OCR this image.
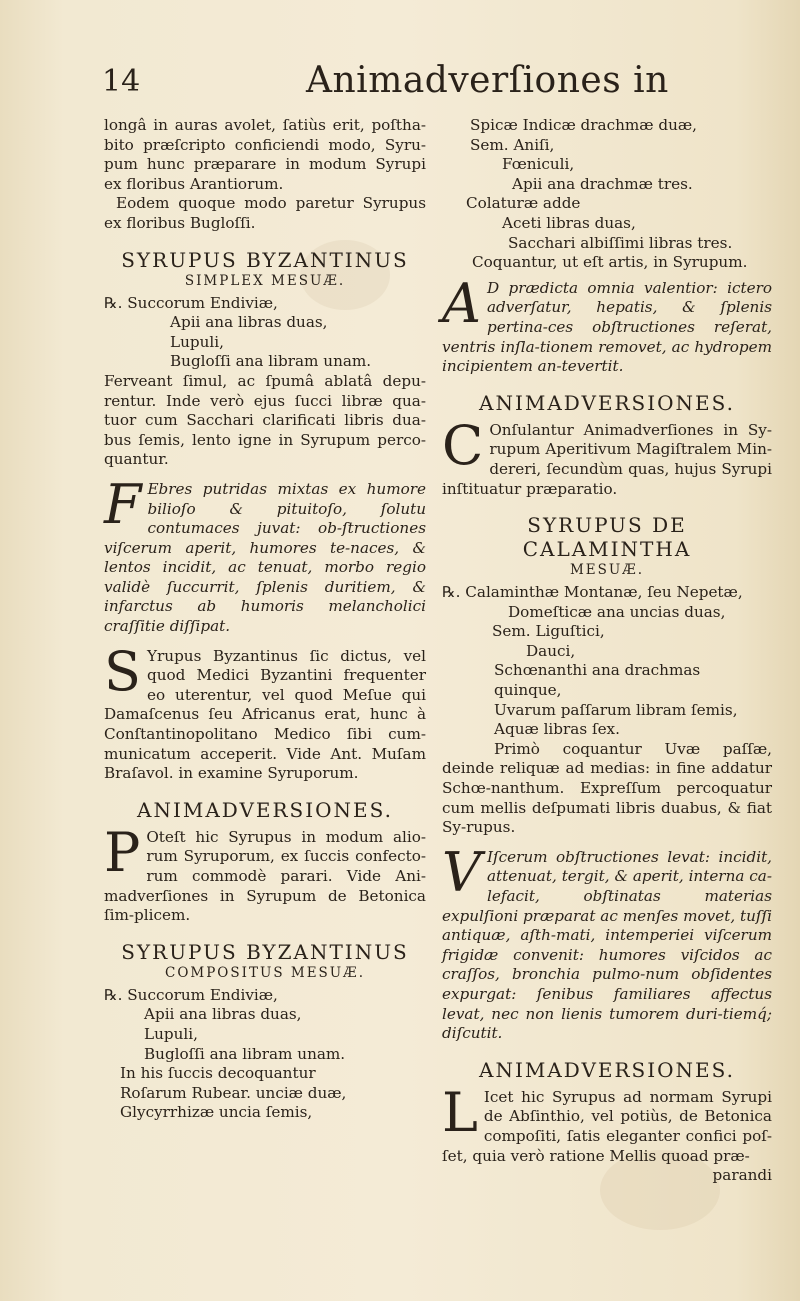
14	Animadverſiones in

longâ in auras avolet, ſatiùs erit, poſtha-bito præſcripto conficiendi modo, Syru-pum hunc præparare in modum Syrupi ex floribus Arantiorum.

Eodem quoque modo paretur Syrupus ex floribus Bugloſſi.

SYRUPUS BYZANTINUS
SIMPLEX MESUÆ.

℞. Succorum Endiviæ,

Apii ana libras duas,

Lupuli,

Bugloſſi ana libram unam.

Ferveant ſimul, ac ſpumâ ablatâ depu-rentur. Inde verò ejus ſucci libræ qua-tuor cum Sacchari clarificati libris dua-bus ſemis, lento igne in Syrupum perco-quantur.

F Ebres putridas mixtas ex humore bilioſo & pituitoſo, ſolutu contumaces juvat: ob-ſtructiones viſcerum aperit, humores te-naces, & lentos incidit, ac tenuat, morbo regio validè ſuccurrit, ſplenis duritiem, & infarctus ab humoris melancholici craſſitie diſſipat.
S Yrupus Byzantinus ſic dictus, vel quod Medici Byzantini frequenter eo uterentur, vel quod Meſue qui Damaſcenus ſeu Africanus erat, hunc à Conſtantinopolitano Medico ſibi cum-municatum acceperit. Vide Ant. Muſam Braſavol. in examine Syruporum.
ANIMADVERSIONES.
P Oteſt hic Syrupus in modum alio-rum Syruporum, ex ſuccis confecto-rum commodè parari. Vide Ani-madverſiones in Syrupum de Betonica ſim-plicem.
SYRUPUS BYZANTINUS
COMPOSITUS MESUÆ.

℞. Succorum Endiviæ,

Apii ana libras duas,

Lupuli,

Bugloſſi ana libram unam.

In his ſuccis decoquantur

Roſarum Rubear. unciæ duæ,

Glycyrrhizæ uncia ſemis,

Spicæ Indicæ drachmæ duæ,

Sem. Aniſi,

Fœniculi,

Apii ana drachmæ tres.

Colaturæ adde

Aceti libras duas,

Sacchari albiſſimi libras tres.

Coquantur, ut eſt artis, in Syrupum.

A D prædicta omnia valentior: ictero adverſatur, hepatis, & ſplenis pertina-ces obſtructiones reſerat, ventris inſla-tionem removet, ac hydropem incipientem an-tevertit.
ANIMADVERSIONES.
C Onſulantur Animadverſiones in Sy-rupum Aperitivum Magiſtralem Min-dereri, ſecundùm quas, hujus Syrupi inſtituatur præparatio.
SYRUPUS DE CALAMINTHA
MESUÆ.

℞. Calaminthæ Montanæ, ſeu Nepetæ,

Domeſticæ ana uncias duas,

Sem. Liguſtici,

Dauci,

Schœnanthi ana drachmas quinque,

Uvarum paſſarum libram ſemis,

Aquæ libras ſex.

Primò coquantur Uvæ paſſæ, deinde reliquæ ad medias: in fine addatur Schœ-nanthum. Expreſſum percoquatur cum mellis deſpumati libris duabus, & fiat Sy-rupus.

V Iſcerum obſtructiones levat: incidit, attenuat, tergit, & aperit, interna ca-lefacit, obſtinatas materias expulſioni præparat ac menſes movet, tuſſi antiquæ, aſth-mati, intemperiei viſcerum frigidæ convenit: humores viſcidos ac craſſos, bronchia pulmo-num obſidentes expurgat: ſenibus familiares affectus levat, nec non lienis tumorem duri-tiemq́; diſcutit.
ANIMADVERSIONES.
L Icet hic Syrupus ad normam Syrupi de Abſinthio, vel potiùs, de Betonica compoſiti, ſatis eleganter confici poſ-ſet, quia verò ratione Mellis quoad præ-

parandi
